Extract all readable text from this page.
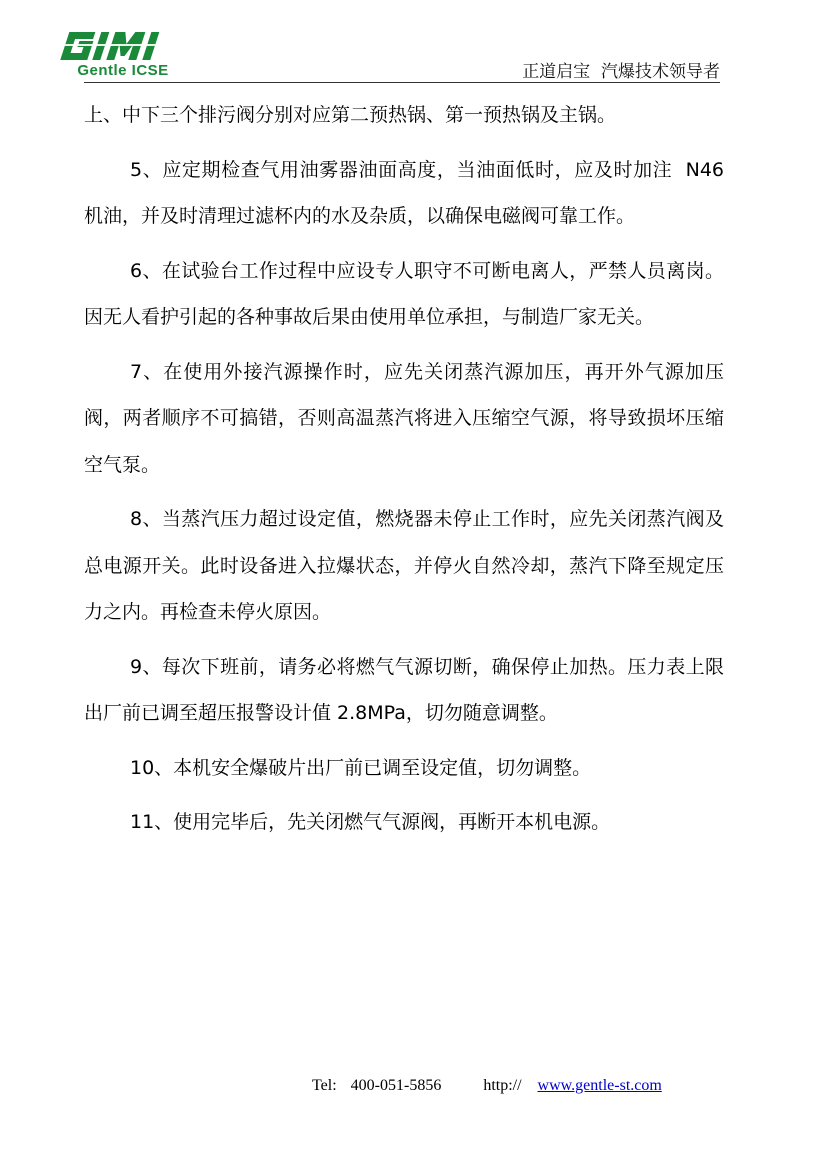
Gentle ICSE	正道启宝  汽爆技术领导者

上、中下三个排污阀分别对应第二预热锅、第一预热锅及主锅。

5、应定期检查气用油雾器油面高度，当油面低时，应及时加注  N46 机油，并及时清理过滤杯内的水及杂质，以确保电磁阀可靠工作。

6、在试验台工作过程中应设专人职守不可断电离人，严禁人员离岗。因无人看护引起的各种事故后果由使用单位承担，与制造厂家无关。

7、在使用外接汽源操作时，应先关闭蒸汽源加压，再开外气源加压阀，两者顺序不可搞错，否则高温蒸汽将进入压缩空气源，将导致损坏压缩空气泵。

8、当蒸汽压力超过设定值，燃烧器未停止工作时，应先关闭蒸汽阀及总电源开关。此时设备进入拉爆状态，并停火自然冷却，蒸汽下降至规定压力之内。再检查未停火原因。

9、每次下班前，请务必将燃气气源切断，确保停止加热。压力表上限出厂前已调至超压报警设计值 2.8MPa，切勿随意调整。

10、本机安全爆破片出厂前已调至设定值，切勿调整。

11、使用完毕后，先关闭燃气气源阀，再断开本机电源。

Tel: 400-051-5856	http:// www.gentle-st.com
